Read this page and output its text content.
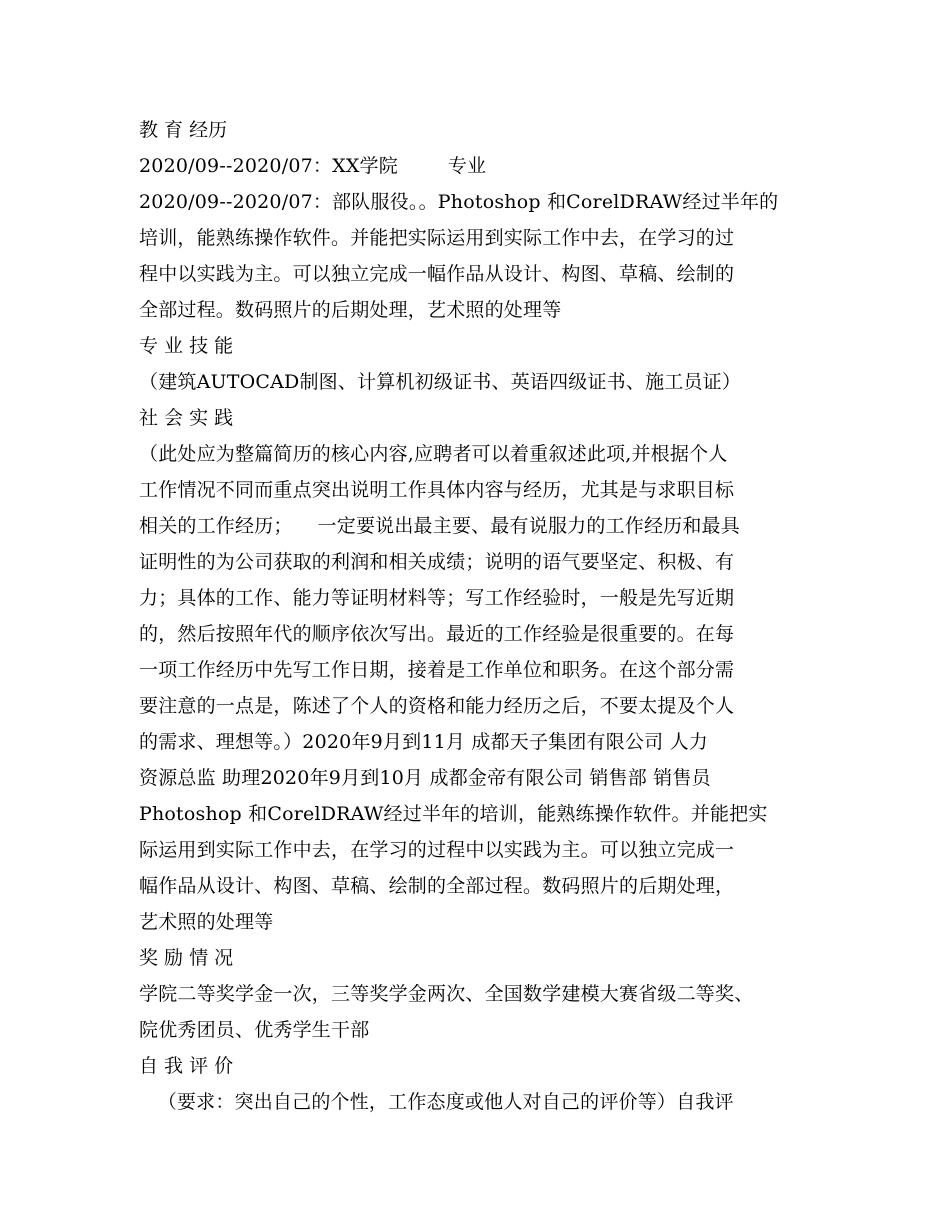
教 育 经历
2020/09--2020/07：XX学院        专业
2020/09--2020/07：部队服役。。Photoshop 和CorelDRAW经过半年的
培训，能熟练操作软件。并能把实际运用到实际工作中去，在学习的过
程中以实践为主。可以独立完成一幅作品从设计、构图、草稿、绘制的
全部过程。数码照片的后期处理，艺术照的处理等
专 业 技 能
（建筑AUTOCAD制图、计算机初级证书、英语四级证书、施工员证）
社 会 实 践
（此处应为整篇简历的核心内容,应聘者可以着重叙述此项,并根据个人
工作情况不同而重点突出说明工作具体内容与经历，尤其是与求职目标
相关的工作经历；    一定要说出最主要、最有说服力的工作经历和最具
证明性的为公司获取的利润和相关成绩；说明的语气要坚定、积极、有
力；具体的工作、能力等证明材料等；写工作经验时，一般是先写近期
的，然后按照年代的顺序依次写出。最近的工作经验是很重要的。在每
一项工作经历中先写工作日期，接着是工作单位和职务。在这个部分需
要注意的一点是，陈述了个人的资格和能力经历之后，不要太提及个人
的需求、理想等。）2020年9月到11月 成都天子集团有限公司 人力
资源总监 助理2020年9月到10月 成都金帝有限公司 销售部 销售员
Photoshop 和CorelDRAW经过半年的培训，能熟练操作软件。并能把实
际运用到实际工作中去，在学习的过程中以实践为主。可以独立完成一
幅作品从设计、构图、草稿、绘制的全部过程。数码照片的后期处理，
艺术照的处理等
奖 励 情 况
学院二等奖学金一次，三等奖学金两次、全国数学建模大赛省级二等奖、
院优秀团员、优秀学生干部
自 我 评 价
（要求：突出自己的个性，工作态度或他人对自己的评价等）自我评
